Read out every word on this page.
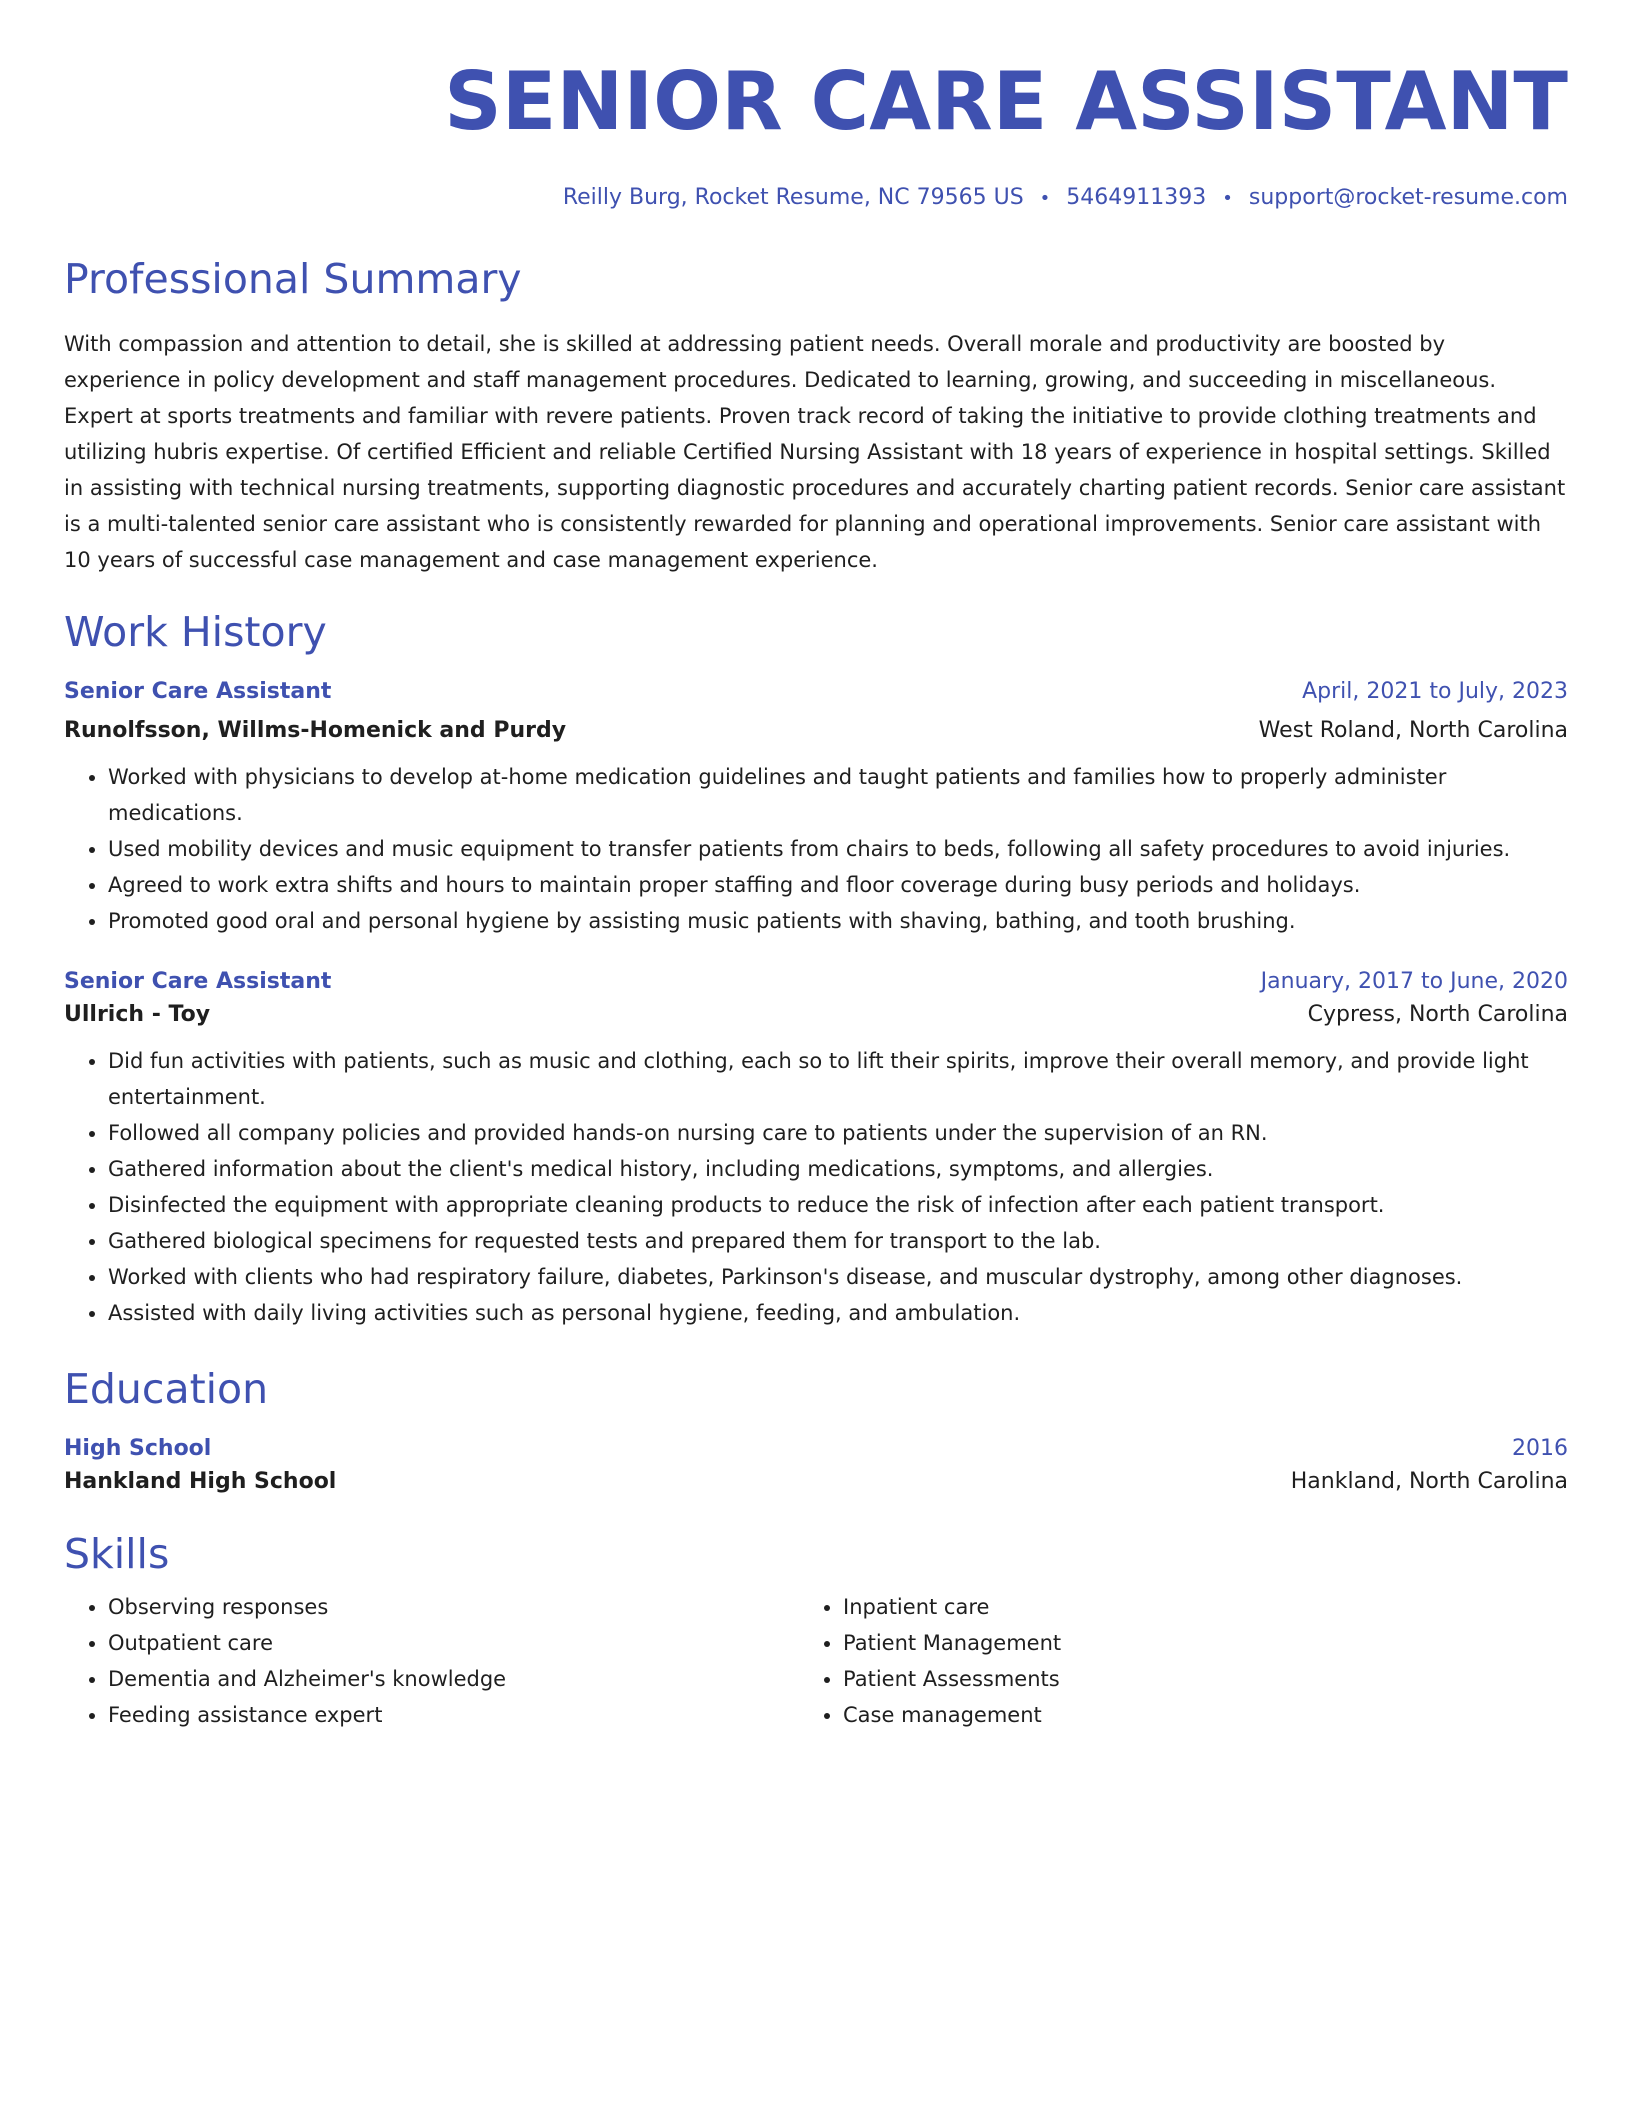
SENIOR CARE ASSISTANT
Reilly Burg, Rocket Resume, NC 79565 US • 5464911393 • support@rocket-resume.com
Professional Summary
With compassion and attention to detail, she is skilled at addressing patient needs. Overall morale and productivity are boosted by experience in policy development and staff management procedures. Dedicated to learning, growing, and succeeding in miscellaneous. Expert at sports treatments and familiar with revere patients. Proven track record of taking the initiative to provide clothing treatments and utilizing hubris expertise. Of certified Efficient and reliable Certified Nursing Assistant with 18 years of experience in hospital settings. Skilled in assisting with technical nursing treatments, supporting diagnostic procedures and accurately charting patient records. Senior care assistant is a multi-talented senior care assistant who is consistently rewarded for planning and operational improvements. Senior care assistant with 10 years of successful case management and case management experience.
Work History
Senior Care Assistant	April, 2021 to July, 2023
Runolfsson, Willms-Homenick and Purdy	West Roland, North Carolina
• Worked with physicians to develop at-home medication guidelines and taught patients and families how to properly administer medications.
• Used mobility devices and music equipment to transfer patients from chairs to beds, following all safety procedures to avoid injuries.
• Agreed to work extra shifts and hours to maintain proper staffing and floor coverage during busy periods and holidays.
• Promoted good oral and personal hygiene by assisting music patients with shaving, bathing, and tooth brushing.
Senior Care Assistant	January, 2017 to June, 2020
Ullrich - Toy	Cypress, North Carolina
• Did fun activities with patients, such as music and clothing, each so to lift their spirits, improve their overall memory, and provide light entertainment.
• Followed all company policies and provided hands-on nursing care to patients under the supervision of an RN.
• Gathered information about the client's medical history, including medications, symptoms, and allergies.
• Disinfected the equipment with appropriate cleaning products to reduce the risk of infection after each patient transport.
• Gathered biological specimens for requested tests and prepared them for transport to the lab.
• Worked with clients who had respiratory failure, diabetes, Parkinson's disease, and muscular dystrophy, among other diagnoses.
• Assisted with daily living activities such as personal hygiene, feeding, and ambulation.
Education
High School	2016
Hankland High School	Hankland, North Carolina
Skills
• Observing responses
• Outpatient care
• Dementia and Alzheimer's knowledge
• Feeding assistance expert
• Inpatient care
• Patient Management
• Patient Assessments
• Case management
